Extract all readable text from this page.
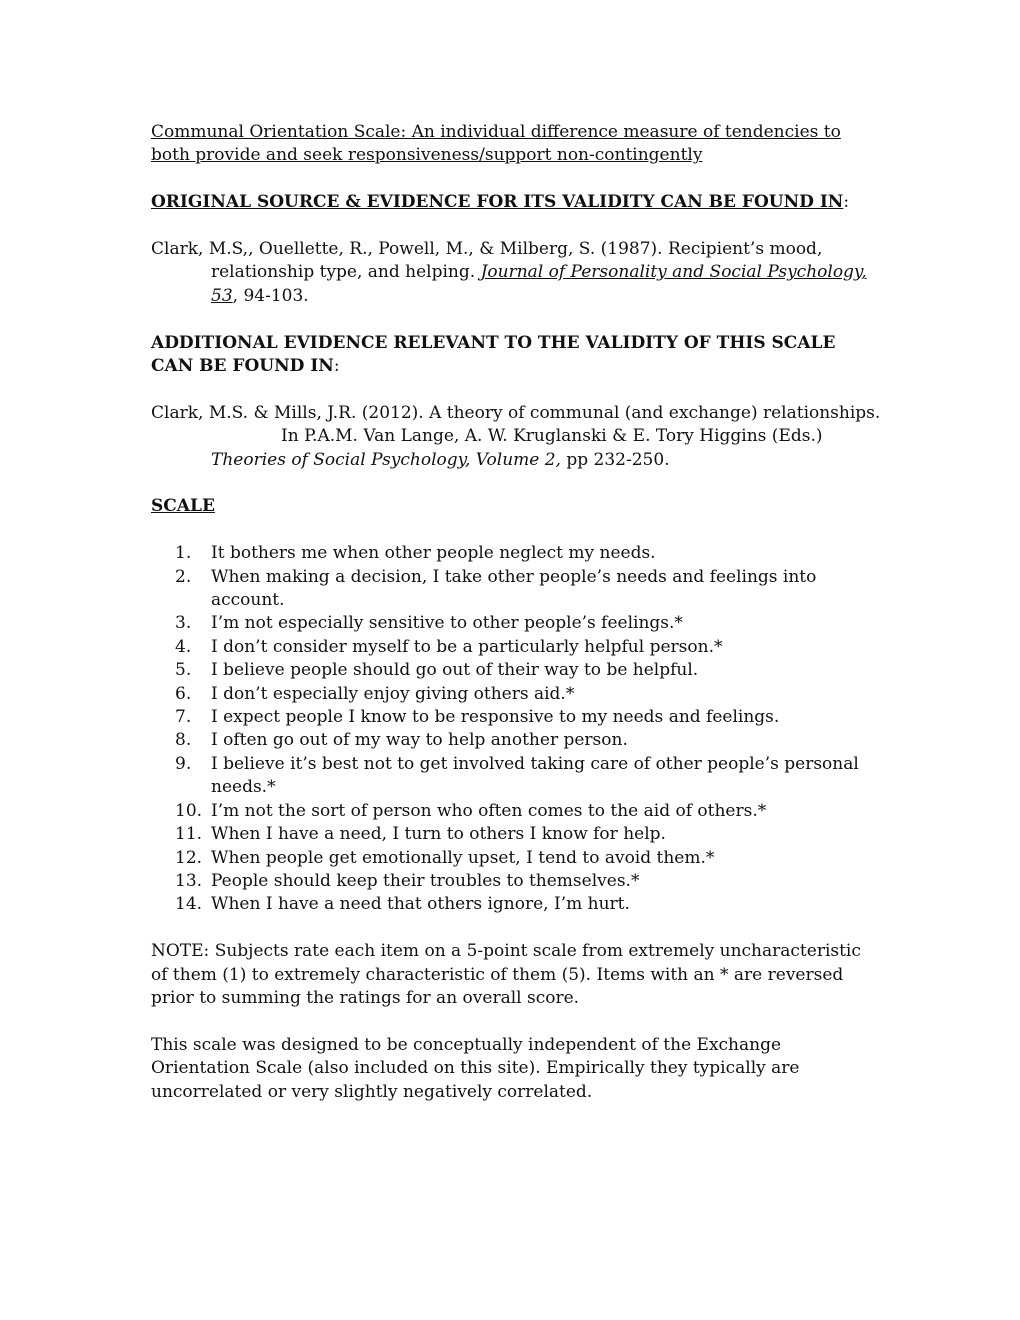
Communal Orientation Scale: An individual difference measure of tendencies to
both provide and seek responsiveness/support non-contingently

ORIGINAL SOURCE & EVIDENCE FOR ITS VALIDITY CAN BE FOUND IN:

Clark, M.S,, Ouellette, R., Powell, M., & Milberg, S. (1987). Recipient’s mood, relationship type, and helping. Journal of Personality and Social Psychology, 53, 94-103.

ADDITIONAL EVIDENCE RELEVANT TO THE VALIDITY OF THIS SCALE CAN BE FOUND IN:

Clark, M.S. & Mills, J.R. (2012). A theory of communal (and exchange) relationships.
In P.A.M. Van Lange, A. W. Kruglanski & E. Tory Higgins (Eds.)
Theories of Social Psychology, Volume 2, pp 232-250.

SCALE

1. It bothers me when other people neglect my needs.
2. When making a decision, I take other people’s needs and feelings into account.
3. I’m not especially sensitive to other people’s feelings.*
4. I don’t consider myself to be a particularly helpful person.*
5. I believe people should go out of their way to be helpful.
6. I don’t especially enjoy giving others aid.*
7. I expect people I know to be responsive to my needs and feelings.
8. I often go out of my way to help another person.
9. I believe it’s best not to get involved taking care of other people’s personal needs.*
10. I’m not the sort of person who often comes to the aid of others.*
11. When I have a need, I turn to others I know for help.
12. When people get emotionally upset, I tend to avoid them.*
13. People should keep their troubles to themselves.*
14. When I have a need that others ignore, I’m hurt.

NOTE: Subjects rate each item on a 5-point scale from extremely uncharacteristic of them (1) to extremely characteristic of them (5). Items with an * are reversed prior to summing the ratings for an overall score.

This scale was designed to be conceptually independent of the Exchange Orientation Scale (also included on this site). Empirically they typically are uncorrelated or very slightly negatively correlated.
